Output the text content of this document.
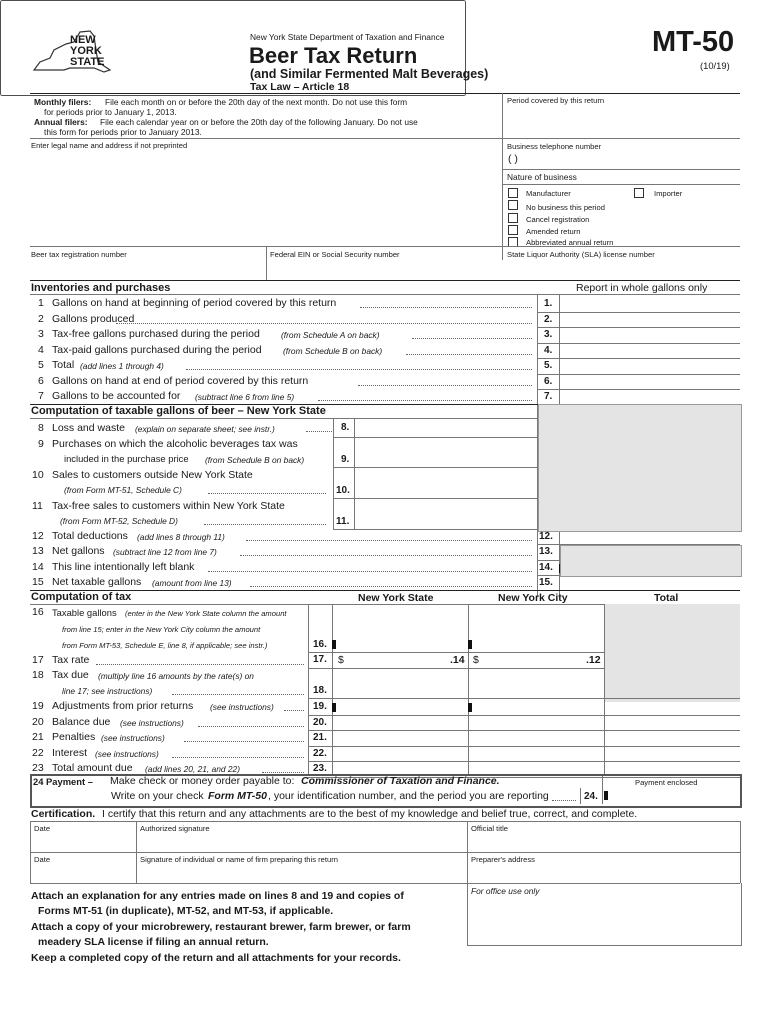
NEW
YORK
STATE
New York State Department of Taxation and Finance
Beer Tax Return
(and Similar Fermented Malt Beverages)
Tax Law – Article 18
MT-50
(10/19)
Monthly filers: File each month on or before the 20th day of the next month. Do not use this form
for periods prior to January 1, 2013.
Annual filers: File each calendar year on or before the 20th day of the following January. Do not use
this form for periods prior to January 2013.
Period covered by this return
Enter legal name and address if not preprinted	Business telephone number
( )
Nature of business
Manufacturer	Importer
No business this period
Cancel registration
Amended return
Abbreviated annual return
Beer tax registration number	Federal EIN or Social Security number	State Liquor Authority (SLA) license number
Inventories and purchases	Report in whole gallons only
1 Gallons on hand at beginning of period covered by this return	1.
2 Gallons produced	2.
3 Tax-free gallons purchased during the period	(from Schedule A on back)	3.
4 Tax-paid gallons purchased during the period	(from Schedule B on back)	4.
5 Total (add lines 1 through 4)	5.
6 Gallons on hand at end of period covered by this return	6.
7 Gallons to be accounted for (subtract line 6 from line 5)	7.
Computation of taxable gallons of beer – New York State
8 Loss and waste (explain on separate sheet; see instr.)	8.
9 Purchases on which the alcoholic beverages tax was
included in the purchase price (from Schedule B on back)	9.
10 Sales to customers outside New York State
(from Form MT-51, Schedule C)	10.
11 Tax-free sales to customers within New York State
(from Form MT-52, Schedule D)	11.
12 Total deductions (add lines 8 through 11)	12.
13 Net gallons (subtract line 12 from line 7)	13.
14 This line intentionally left blank	14.
15 Net taxable gallons (amount from line 13)	15.
Computation of tax	New York State	New York City	Total
16 Taxable gallons (enter in the New York State column the amount
from line 15; enter in the New York City column the amount
from Form MT-53, Schedule E, line 8, if applicable; see instr.)	16.
17 Tax rate	17. $	.14 $	.12
18 Tax due (multiply line 16 amounts by the rate(s) on
line 17; see instructions)	18.
19 Adjustments from prior returns (see instructions)	19.
20 Balance due (see instructions)	20.
21 Penalties (see instructions)	21.
22 Interest (see instructions)	22.
23 Total amount due (add lines 20, 21, and 22)	23.
24 Payment – Make check or money order payable to: Commissioner of Taxation and Finance.
Write on your check Form MT-50 , your identification number, and the period you are reporting	24.
Payment enclosed
Certification. I certify that this return and any attachments are to the best of my knowledge and belief true, correct, and complete.
Date	Authorized signature	Official title
Date	Signature of individual or name of firm preparing this return	Preparer's address
For office use only
Attach an explanation for any entries made on lines 8 and 19 and copies of
Forms MT-51 (in duplicate), MT-52, and MT-53, if applicable.
Attach a copy of your microbrewery, restaurant brewer, farm brewer, or farm
meadery SLA license if filing an annual return.
Keep a completed copy of the return and all attachments for your records.
